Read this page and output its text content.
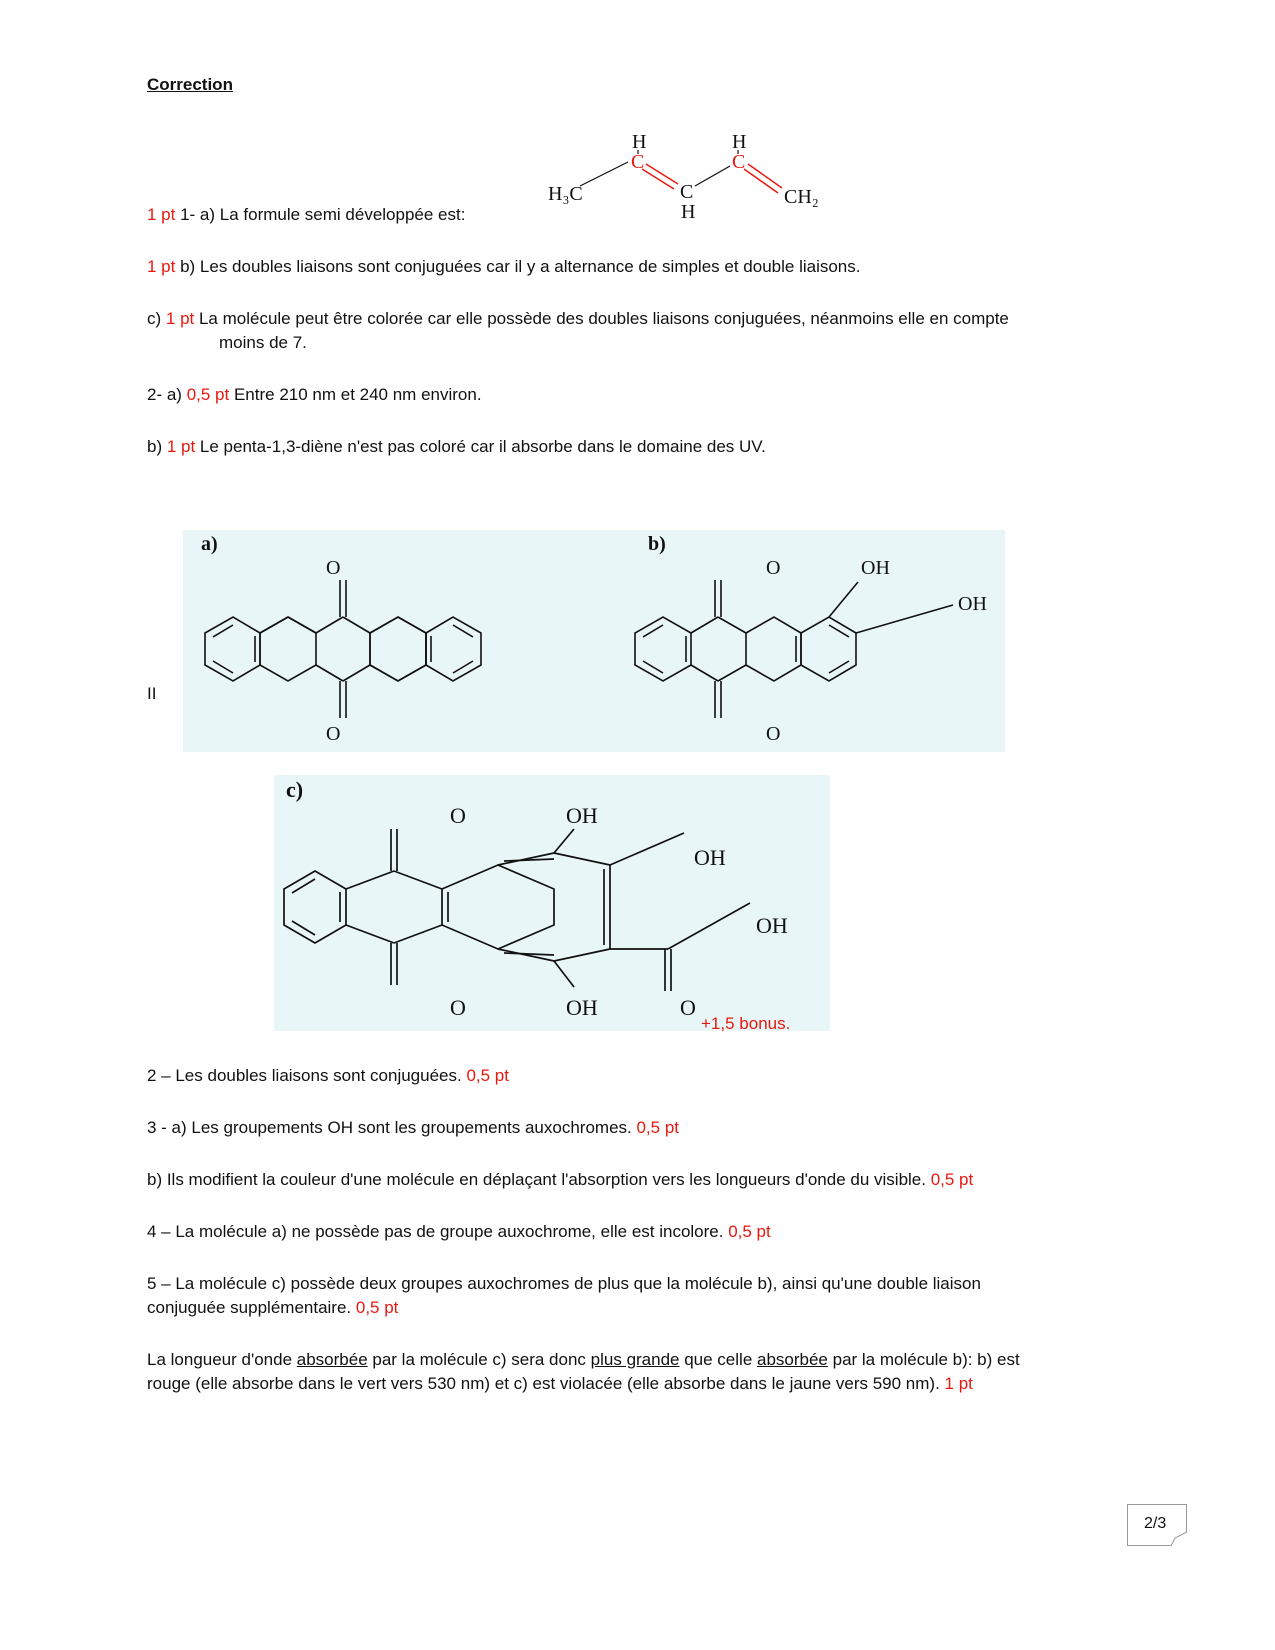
Correction
H₃C
H
C
C
H
H
C
CH₂
1 pt 1- a) La formule semi développée est:
1 pt b) Les doubles liaisons sont conjuguées car il y a alternance de simples et double liaisons.
c) 1 pt La molécule peut être colorée car elle possède des doubles liaisons conjuguées, néanmoins elle en compte
moins de 7.
2- a) 0,5 pt Entre 210 nm et 240 nm environ.
b) 1 pt Le penta-1,3-diène n'est pas coloré car il absorbe dans le domaine des UV.
II
a)	b)
O
O
O
O
OH
OH
c)
O
O
OH
OH
OH
OH	O
+1,5 bonus.
2 – Les doubles liaisons sont conjuguées. 0,5 pt
3 - a) Les groupements OH sont les groupements auxochromes. 0,5 pt
b) Ils modifient la couleur d'une molécule en déplaçant l'absorption vers les longueurs d'onde du visible. 0,5 pt
4 – La molécule a) ne possède pas de groupe auxochrome, elle est incolore. 0,5 pt
5 – La molécule c) possède deux groupes auxochromes de plus que la molécule b), ainsi qu'une double liaison
conjuguée supplémentaire. 0,5 pt
La longueur d'onde absorbée par la molécule c) sera donc plus grande que celle absorbée par la molécule b): b) est
rouge (elle absorbe dans le vert vers 530 nm) et c) est violacée (elle absorbe dans le jaune vers 590 nm). 1 pt
2/3
